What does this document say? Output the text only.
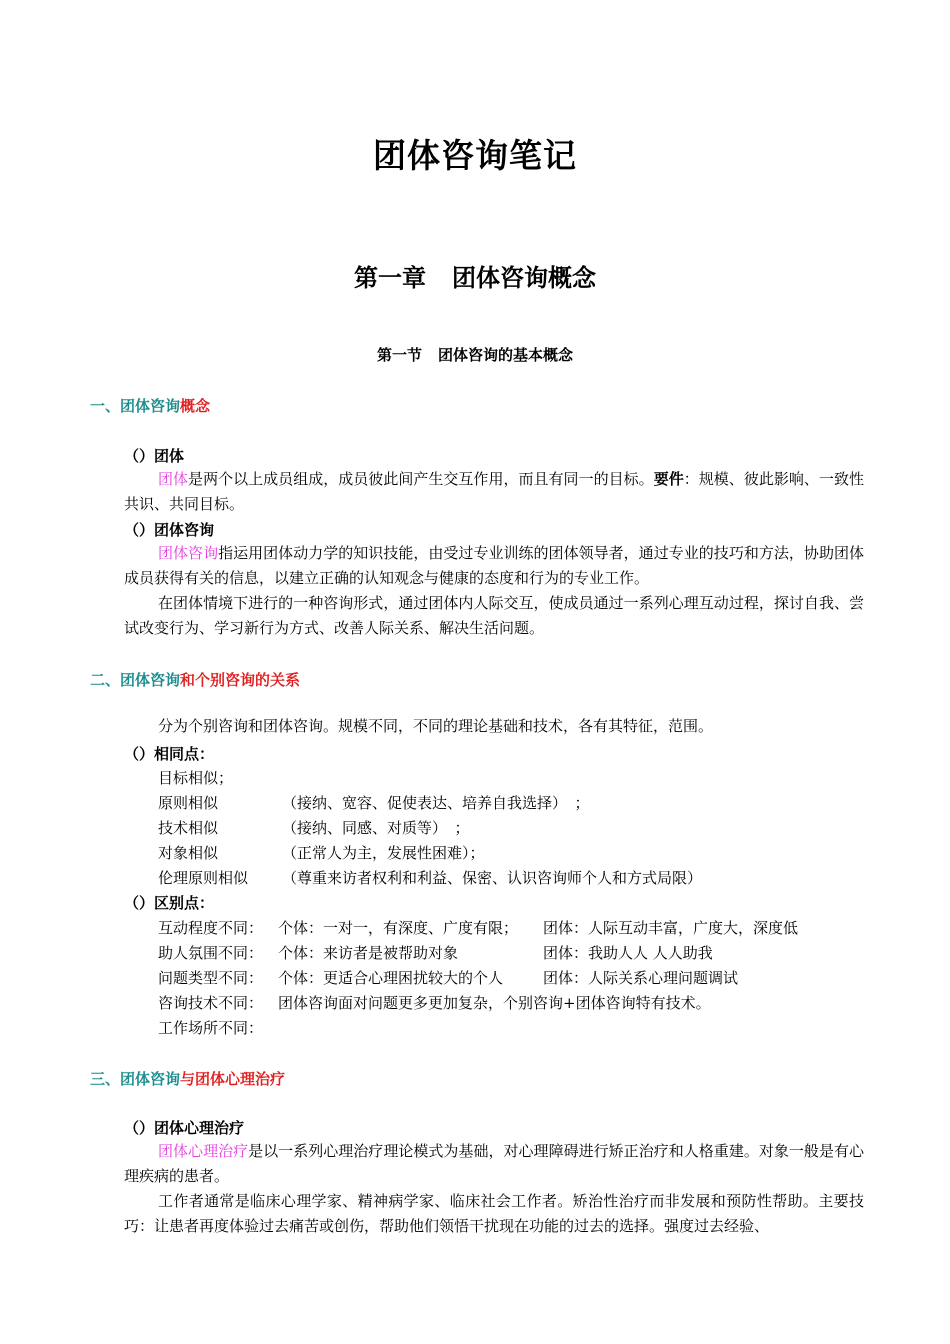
团体咨询笔记
第一章 团体咨询概念
第一节 团体咨询的基本概念
一、团体咨询概念
（）团体
团体是两个以上成员组成，成员彼此间产生交互作用，而且有同一的目标。要件：规模、彼此影响、一致性共识、共同目标。
（）团体咨询
团体咨询指运用团体动力学的知识技能，由受过专业训练的团体领导者，通过专业的技巧和方法，协助团体成员获得有关的信息，以建立正确的认知观念与健康的态度和行为的专业工作。
在团体情境下进行的一种咨询形式，通过团体内人际交互，使成员通过一系列心理互动过程，探讨自我、尝试改变行为、学习新行为方式、改善人际关系、解决生活问题。
二、团体咨询和个别咨询的关系
分为个别咨询和团体咨询。规模不同，不同的理论基础和技术，各有其特征，范围。
（）相同点：
目标相似；
原则相似	（接纳、宽容、促使表达、培养自我选择）　；
技术相似	（接纳、同感、对质等）　；
对象相似	（正常人为主，发展性困难）；
伦理原则相似 （尊重来访者权利和利益、保密、认识咨询师个人和方式局限）
（）区别点：
互动程度不同： 个体：一对一，有深度、广度有限； 团体：人际互动丰富，广度大，深度低
助人氛围不同： 个体：来访者是被帮助对象	团体：我助人人 人人助我
问题类型不同： 个体：更适合心理困扰较大的个人	团体：人际关系心理问题调试
咨询技术不同： 团体咨询面对问题更多更加复杂，个别咨询+团体咨询特有技术。
工作场所不同：
三、团体咨询与团体心理治疗
（）团体心理治疗
团体心理治疗是以一系列心理治疗理论模式为基础，对心理障碍进行矫正治疗和人格重建。对象一般是有心理疾病的患者。
工作者通常是临床心理学家、精神病学家、临床社会工作者。矫治性治疗而非发展和预防性帮助。主要技巧：让患者再度体验过去痛苦或创伤，帮助他们领悟干扰现在功能的过去的选择。强度过去经验、
